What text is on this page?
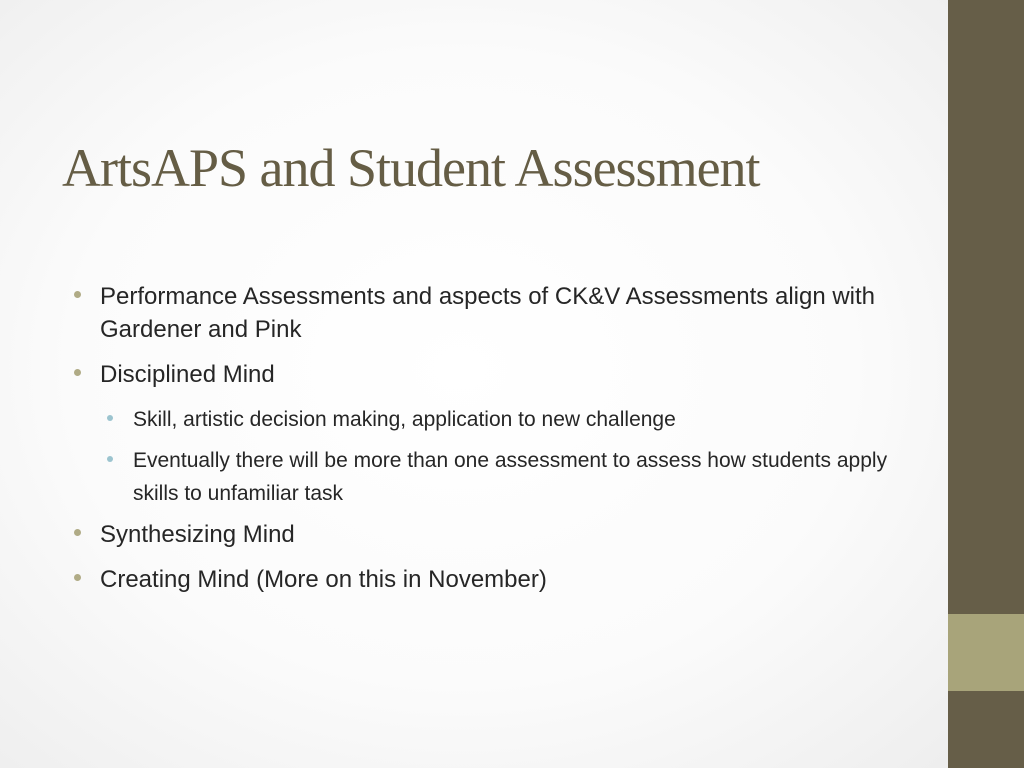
ArtsAPS and Student Assessment
Performance Assessments and aspects of CK&V Assessments align with Gardener and Pink
Disciplined Mind
Skill, artistic decision making, application to new challenge
Eventually there will be more than one assessment to assess how students apply skills to unfamiliar task
Synthesizing Mind
Creating Mind (More on this in November)
